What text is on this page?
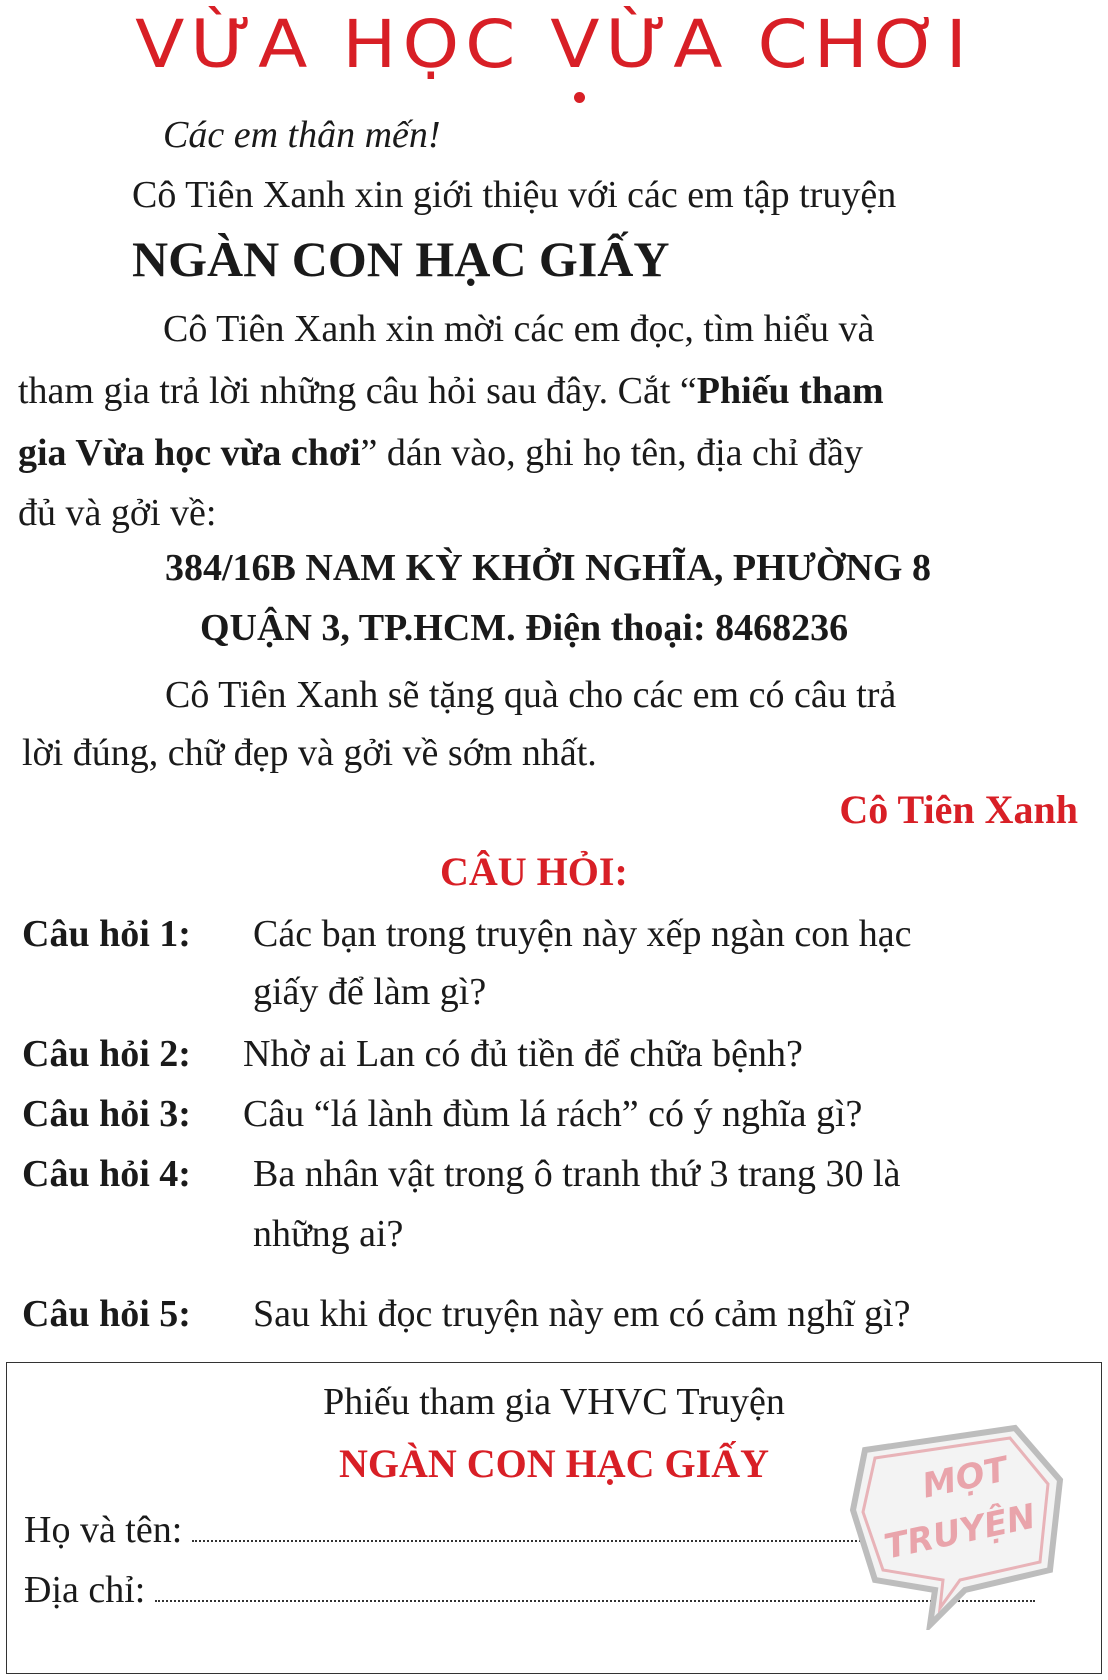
VỪA HỌC VỪA CHƠI
Các em thân mến!
Cô Tiên Xanh xin giới thiệu với các em tập truyện
NGÀN CON HẠC GIẤY
Cô Tiên Xanh xin mời các em đọc, tìm hiểu và
tham gia trả lời những câu hỏi sau đây. Cắt “Phiếu tham
gia Vừa học vừa chơi” dán vào, ghi họ tên, địa chỉ đầy
đủ và gởi về:
384/16B NAM KỲ KHỞI NGHĨA, PHƯỜNG 8
QUẬN 3, TP.HCM. Điện thoại: 8468236
Cô Tiên Xanh sẽ tặng quà cho các em có câu trả
lời đúng, chữ đẹp và gởi về sớm nhất.
Cô Tiên Xanh
CÂU HỎI:
Câu hỏi 1: Các bạn trong truyện này xếp ngàn con hạc
giấy để làm gì?
Câu hỏi 2: Nhờ ai Lan có đủ tiền để chữa bệnh?
Câu hỏi 3: Câu “lá lành đùm lá rách” có ý nghĩa gì?
Câu hỏi 4: Ba nhân vật trong ô tranh thứ 3 trang 30 là
những ai?
Câu hỏi 5: Sau khi đọc truyện này em có cảm nghĩ gì?
Phiếu tham gia VHVC Truyện
NGÀN CON HẠC GIẤY
Họ và tên:
Địa chỉ:
MỌT
TRUYỆN
